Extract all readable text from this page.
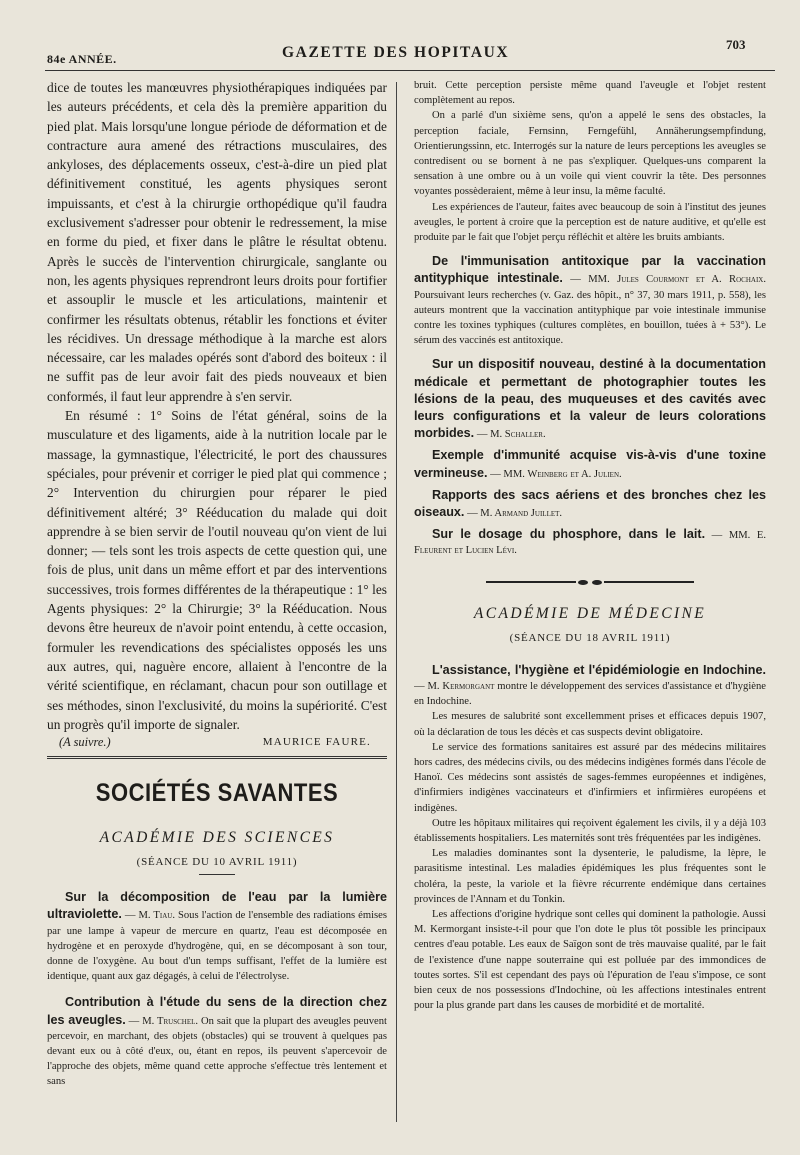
84e ANNÉE.	GAZETTE DES HOPITAUX	703

dice de toutes les manœuvres physiothérapiques indiquées par les auteurs précédents, et cela dès la première apparition du pied plat. Mais lorsqu'une longue période de déformation et de contracture aura amené des rétractions musculaires, des ankyloses, des déplacements osseux, c'est-à-dire un pied plat définitivement constitué, les agents physiques seront impuissants, et c'est à la chirurgie orthopédique qu'il faudra exclusivement s'adresser pour obtenir le redressement, la mise en forme du pied, et fixer dans le plâtre le résultat obtenu. Après le succès de l'intervention chirurgicale, sanglante ou non, les agents physiques reprendront leurs droits pour fortifier et assouplir le muscle et les articulations, maintenir et confirmer les résultats obtenus, rétablir les fonctions et éviter les récidives. Un dressage méthodique à la marche est alors nécessaire, car les malades opérés sont d'abord des boiteux : il ne suffit pas de leur avoir fait des pieds nouveaux et bien conformés, il faut leur apprendre à s'en servir.

En résumé : 1° Soins de l'état général, soins de la musculature et des ligaments, aide à la nutrition locale par le massage, la gymnastique, l'électricité, le port des chaussures spéciales, pour prévenir et corriger le pied plat qui commence ; 2° Intervention du chirurgien pour réparer le pied définitivement altéré; 3° Rééducation du malade qui doit apprendre à se bien servir de l'outil nouveau qu'on vient de lui donner; — tels sont les trois aspects de cette question qui, une fois de plus, unit dans un même effort et par des interventions successives, trois formes différentes de la thérapeutique : 1° les Agents physiques: 2° la Chirurgie; 3° la Rééducation. Nous devons être heureux de n'avoir point entendu, à cette occasion, formuler les revendications des spécialistes opposés les uns aux autres, qui, naguère encore, allaient à l'encontre de la vérité scientifique, en réclamant, chacun pour son outillage et ses méthodes, sinon l'exclusivité, du moins la supériorité. C'est un progrès qu'il importe de signaler.

(A suivre.)	MAURICE FAURE.
SOCIÉTÉS SAVANTES
ACADÉMIE DES SCIENCES
(SÉANCE DU 10 AVRIL 1911)

Sur la décomposition de l'eau par la lumière ultraviolette. — M. Tiau. Sous l'action de l'ensemble des radiations émises par une lampe à vapeur de mercure en quartz, l'eau est décomposée en hydrogène et en peroxyde d'hydrogène, qui, en se décomposant à son tour, donne de l'oxygène. Au bout d'un temps suffisant, l'effet de la lumière est identique, quant aux gaz dégagés, à celui de l'électrolyse.

Contribution à l'étude du sens de la direction chez les aveugles. — M. Truschel. On sait que la plupart des aveugles peuvent percevoir, en marchant, des objets (obstacles) qui se trouvent à quelques pas devant eux ou à côté d'eux, ou, étant en repos, ils peuvent s'apercevoir de l'approche des objets, même quand cette approche s'effectue très lentement et sans

bruit. Cette perception persiste même quand l'aveugle et l'objet restent complètement au repos.

On a parlé d'un sixième sens, qu'on a appelé le sens des obstacles, la perception faciale, Fernsinn, Ferngefühl, Annäherungsempfindung, Orientierungssinn, etc. Interrogés sur la nature de leurs perceptions les aveugles se contredisent ou se bornent à ne pas s'expliquer. Quelques-uns comparent la sensation à une ombre ou à un voile qui vient couvrir la tête. Des personnes voyantes possèderaient, même à leur insu, la même faculté.

Les expériences de l'auteur, faites avec beaucoup de soin à l'institut des jeunes aveugles, le portent à croire que la perception est de nature auditive, et qu'elle est produite par le fait que l'objet perçu réfléchit et altère les bruits ambiants.

De l'immunisation antitoxique par la vaccination antityphique intestinale. — MM. Jules Courmont et A. Rochaix. Poursuivant leurs recherches (v. Gaz. des hôpit., n° 37, 30 mars 1911, p. 558), les auteurs montrent que la vaccination antityphique par voie intestinale immunise contre les toxines typhiques (cultures complètes, en bouillon, tuées à + 53°). Le sérum des vaccinés est antitoxique.

Sur un dispositif nouveau, destiné à la documentation médicale et permettant de photographier toutes les lésions de la peau, des muqueuses et des cavités avec leurs configurations et la valeur de leurs colorations morbides. — M. Schaller.

Exemple d'immunité acquise vis-à-vis d'une toxine vermineuse. — MM. Weinberg et A. Julien.

Rapports des sacs aériens et des bronches chez les oiseaux. — M. Armand Juillet.

Sur le dosage du phosphore, dans le lait. — MM. E. Fleurent et Lucien Lévi.

ACADÉMIE DE MÉDECINE
(SÉANCE DU 18 AVRIL 1911)

L'assistance, l'hygiène et l'épidémiologie en Indochine. — M. Kermorgant montre le développement des services d'assistance et d'hygiène en Indochine.

Les mesures de salubrité sont excellemment prises et efficaces depuis 1907, où la déclaration de tous les décès et cas suspects devint obligatoire.

Le service des formations sanitaires est assuré par des médecins militaires hors cadres, des médecins civils, ou des médecins indigènes formés dans l'école de Hanoï. Ces médecins sont assistés de sages-femmes européennes et indigènes, d'infirmiers indigènes vaccinateurs et d'infirmiers et infirmières européens et indigènes.

Outre les hôpitaux militaires qui reçoivent également les civils, il y a déjà 103 établissements hospitaliers. Les maternités sont très fréquentées par les indigènes.

Les maladies dominantes sont la dysenterie, le paludisme, la lèpre, le parasitisme intestinal. Les maladies épidémiques les plus fréquentes sont le choléra, la peste, la variole et la fièvre récurrente endémique dans certaines provinces de l'Annam et du Tonkin.

Les affections d'origine hydrique sont celles qui dominent la pathologie. Aussi M. Kermorgant insiste-t-il pour que l'on dote le plus tôt possible les principaux centres d'eau potable. Les eaux de Saïgon sont de très mauvaise qualité, par le fait de l'existence d'une nappe souterraine qui est polluée par des immondices de toutes sortes. S'il est cependant des pays où l'épuration de l'eau s'impose, ce sont bien ceux de nos possessions d'Indochine, où les affections intestinales entrent pour la plus grande part dans les causes de morbidité et de mortalité.
